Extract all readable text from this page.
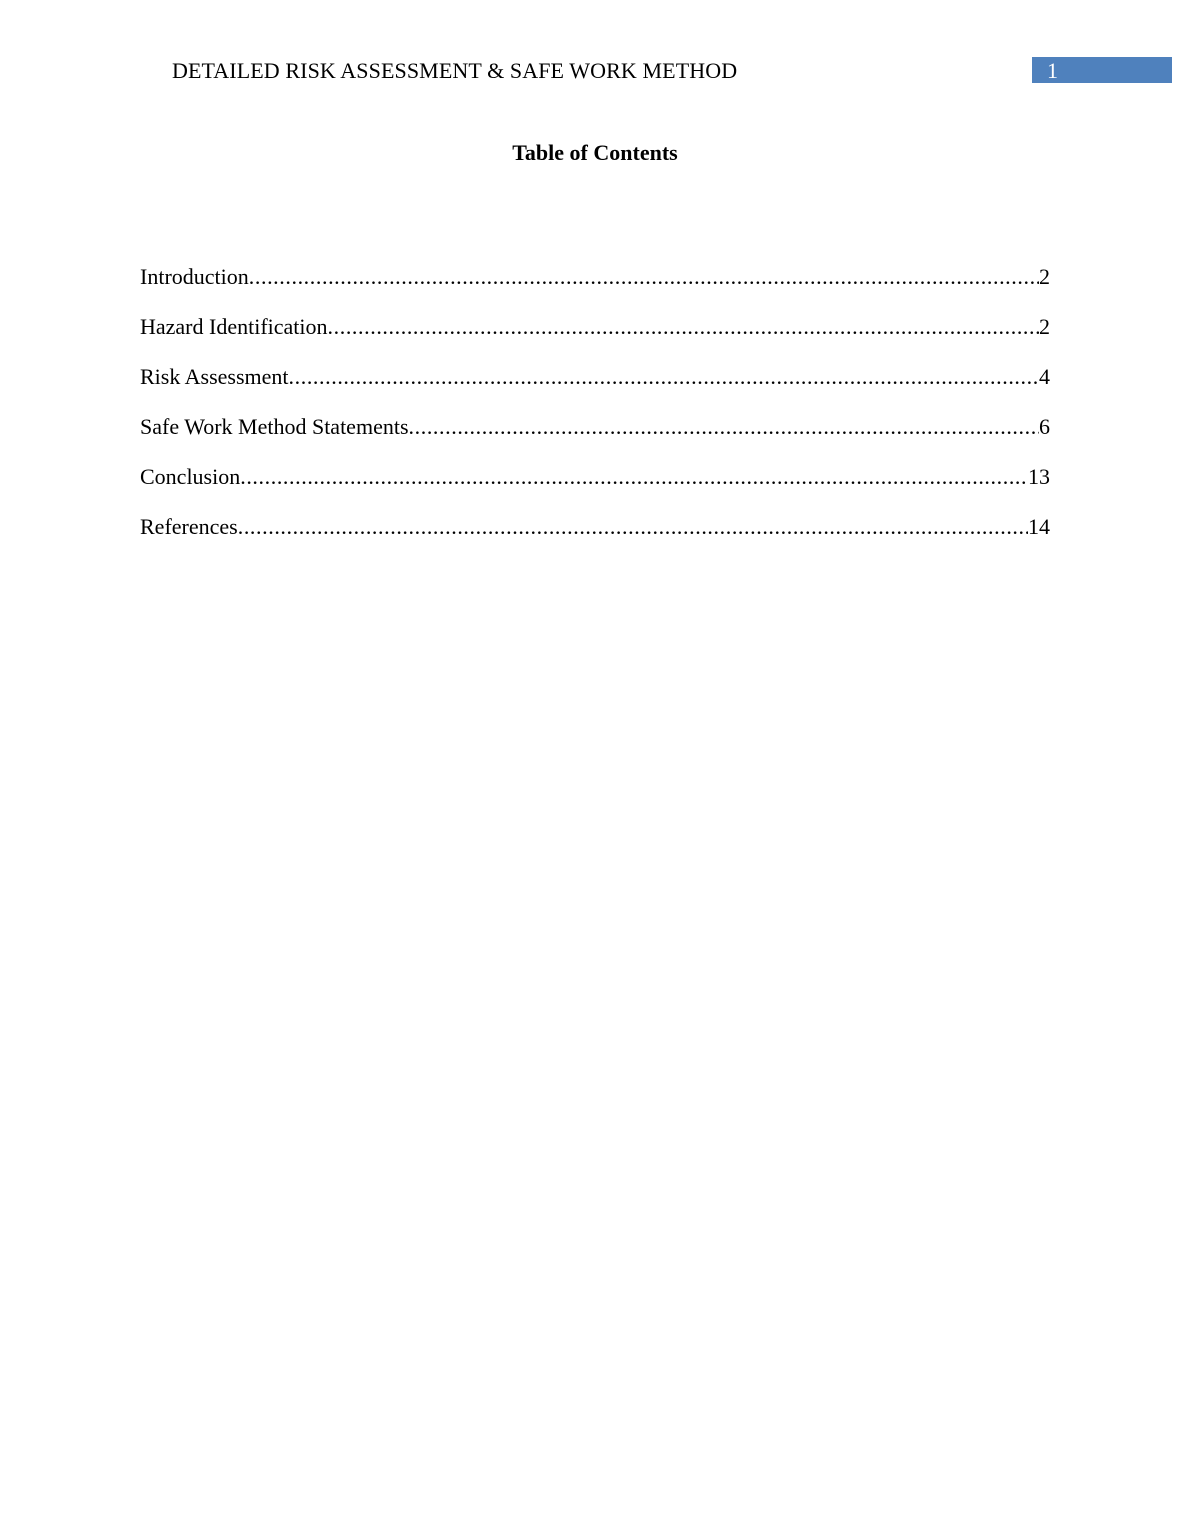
DETAILED RISK ASSESSMENT & SAFE WORK METHOD	1
Table of Contents
Introduction .....	2
Hazard Identification .....	2
Risk Assessment .....	4
Safe Work Method Statements .....	6
Conclusion .....	13
References .....	14
